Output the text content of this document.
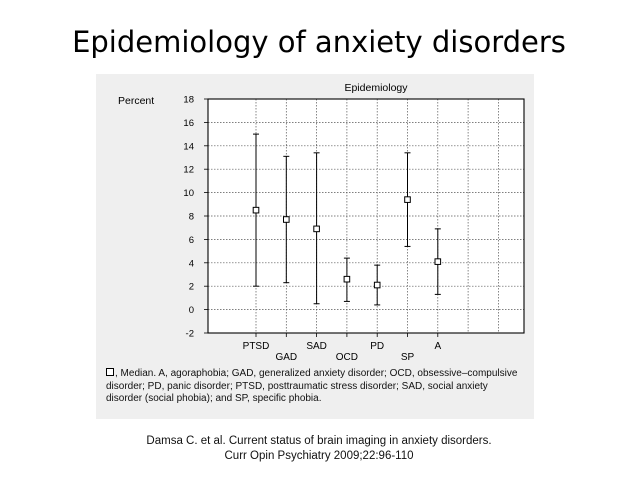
Epidemiology of anxiety disorders
-2
0
2
4
6
8
10
12
14
16
18
Epidemiology
Percent
PTSD
GAD
SAD
OCD
PD
SP
A
, Median. A, agoraphobia; GAD, generalized anxiety disorder; OCD, obsessive–compulsive disorder; PD, panic disorder; PTSD, posttraumatic stress disorder; SAD, social anxiety disorder (social phobia); and SP, specific phobia.
Damsa C. et al. Current status of brain imaging in anxiety disorders.
Curr Opin Psychiatry 2009;22:96-110
